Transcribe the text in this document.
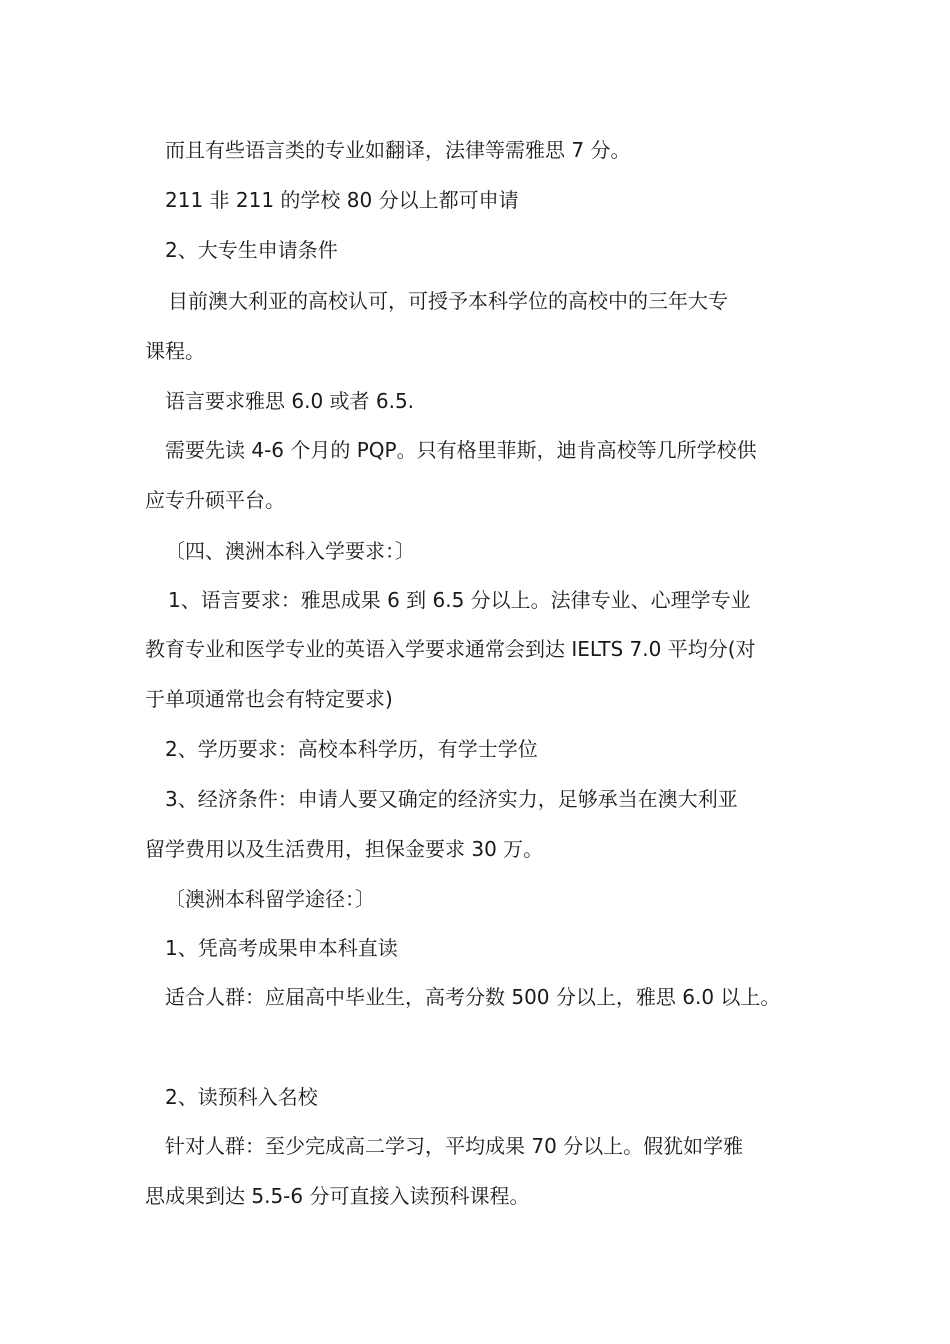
而且有些语言类的专业如翻译，法律等需雅思 7 分。

211 非 211 的学校 80 分以上都可申请

2、大专生申请条件

目前澳大利亚的高校认可，可授予本科学位的高校中的三年大专

课程。

语言要求雅思 6.0 或者 6.5.

需要先读 4-6 个月的 PQP。只有格里菲斯，迪肯高校等几所学校供

应专升硕平台。

〔四、澳洲本科入学要求：〕

1、语言要求：雅思成果 6 到 6.5 分以上。法律专业、心理学专业

教育专业和医学专业的英语入学要求通常会到达 IELTS 7.0 平均分(对

于单项通常也会有特定要求)

2、学历要求：高校本科学历，有学士学位

3、经济条件：申请人要又确定的经济实力，足够承当在澳大利亚

留学费用以及生活费用，担保金要求 30 万。

〔澳洲本科留学途径：〕

1、凭高考成果申本科直读

适合人群：应届高中毕业生，高考分数 500 分以上，雅思 6.0 以上。

2、读预科入名校

针对人群：至少完成高二学习，平均成果 70 分以上。假犹如学雅

思成果到达 5.5-6 分可直接入读预科课程。
